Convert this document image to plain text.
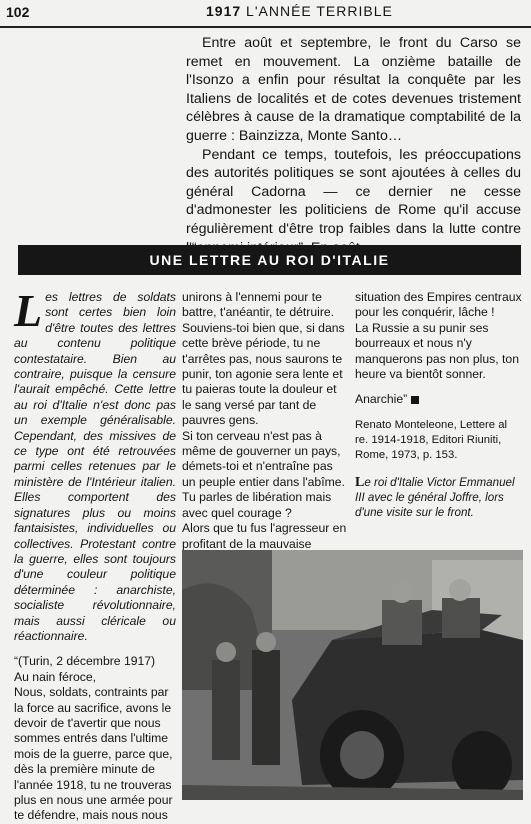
102	1917 L'ANNÉE TERRIBLE

Entre août et septembre, le front du Carso se remet en mouvement. La onzième bataille de l'Isonzo a enfin pour résultat la conquête par les Italiens de localités et de cotes devenues tristement célèbres à cause de la dramatique comptabilité de la guerre : Bainzizza, Monte Santo…

Pendant ce temps, toutefois, les préoccupations des autorités politiques se sont ajoutées à celles du général Cadorna — ce dernier ne cesse d'admonester les politiciens de Rome qu'il accuse régulièrement d'être trop faibles dans la lutte contre

UNE LETTRE AU ROI D'ITALIE

Les lettres de soldats sont certes bien loin d'être toutes des lettres au contenu politique contestataire. Bien au contraire, puisque la censure l'aurait empêché. Cette lettre au roi d'Italie n'est donc pas un exemple généralisable. Cependant, des missives de ce type ont été retrouvées parmi celles retenues par le ministère de l'Intérieur italien. Elles comportent des signatures plus ou moins fantaisistes, individuelles ou collectives. Protestant contre la guerre, elles sont toujours d'une couleur politique déterminée : anarchiste, socialiste révolutionnaire, mais aussi cléricale ou réactionnaire.

“(Turin, 2 décembre 1917)

Au nain féroce,

Nous, soldats, contraints par la force au sacrifice, avons le devoir de t'avertir que nous sommes entrés dans l'ultime mois de la guerre, parce que, dès la première minute de l'année 1918, tu ne trouveras plus en nous une armée pour te défendre, mais nous nous

unirons à l'ennemi pour te battre, t'anéantir, te détruire.

Souviens-toi bien que, si dans cette brève période, tu ne t'arrêtes pas, nous saurons te punir, ton agonie sera lente et tu paieras toute la douleur et le sang versé par tant de pauvres gens.

Si ton cerveau n'est pas à même de gouverner un pays, démets-toi et n'entraîne pas un peuple entier dans l'abîme.

Tu parles de libération mais avec quel courage ?

Alors que tu fus l'agresseur en profitant de la mauvaise

situation des Empires centraux pour les conquérir, lâche !

La Russie a su punir ses bourreaux et nous n'y manquerons pas non plus, ton heure va bientôt sonner.

Anarchie”

Renato Monteleone, Lettere al re. 1914-1918, Editori Riuniti, Rome, 1973, p. 153.

Le roi d'Italie Victor Emmanuel III avec le général Joffre, lors d'une visite sur le front.
